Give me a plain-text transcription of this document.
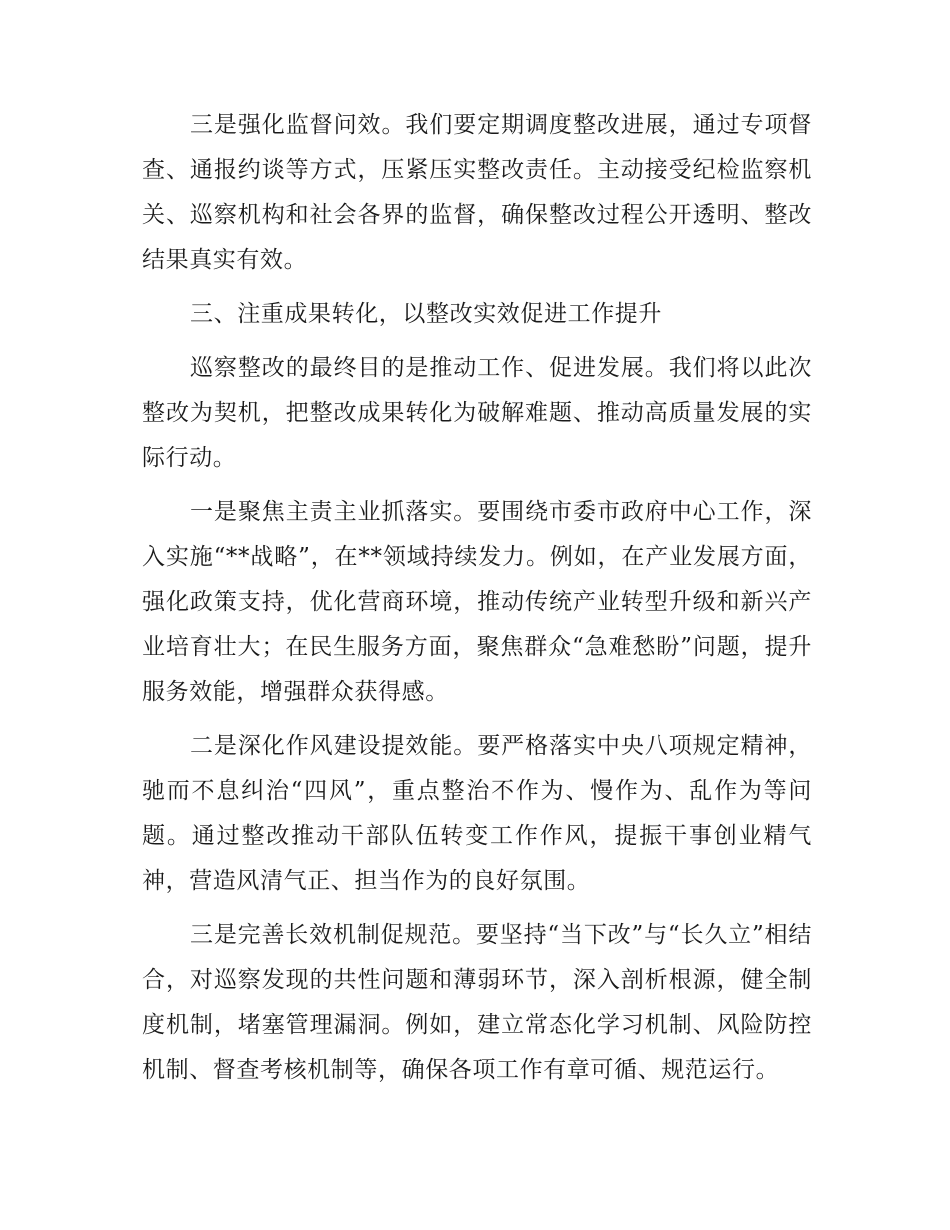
三是强化监督问效。我们要定期调度整改进展，通过专项督查、通报约谈等方式，压紧压实整改责任。主动接受纪检监察机关、巡察机构和社会各界的监督，确保整改过程公开透明、整改结果真实有效。

三、注重成果转化，以整改实效促进工作提升

巡察整改的最终目的是推动工作、促进发展。我们将以此次整改为契机，把整改成果转化为破解难题、推动高质量发展的实际行动。

一是聚焦主责主业抓落实。要围绕市委市政府中心工作，深入实施“**战略”，在**领域持续发力。例如，在产业发展方面，强化政策支持，优化营商环境，推动传统产业转型升级和新兴产业培育壮大；在民生服务方面，聚焦群众“急难愁盼”问题，提升服务效能，增强群众获得感。

二是深化作风建设提效能。要严格落实中央八项规定精神，驰而不息纠治“四风”，重点整治不作为、慢作为、乱作为等问题。通过整改推动干部队伍转变工作作风，提振干事创业精气神，营造风清气正、担当作为的良好氛围。

三是完善长效机制促规范。要坚持“当下改”与“长久立”相结合，对巡察发现的共性问题和薄弱环节，深入剖析根源，健全制度机制，堵塞管理漏洞。例如，建立常态化学习机制、风险防控机制、督查考核机制等，确保各项工作有章可循、规范运行。
